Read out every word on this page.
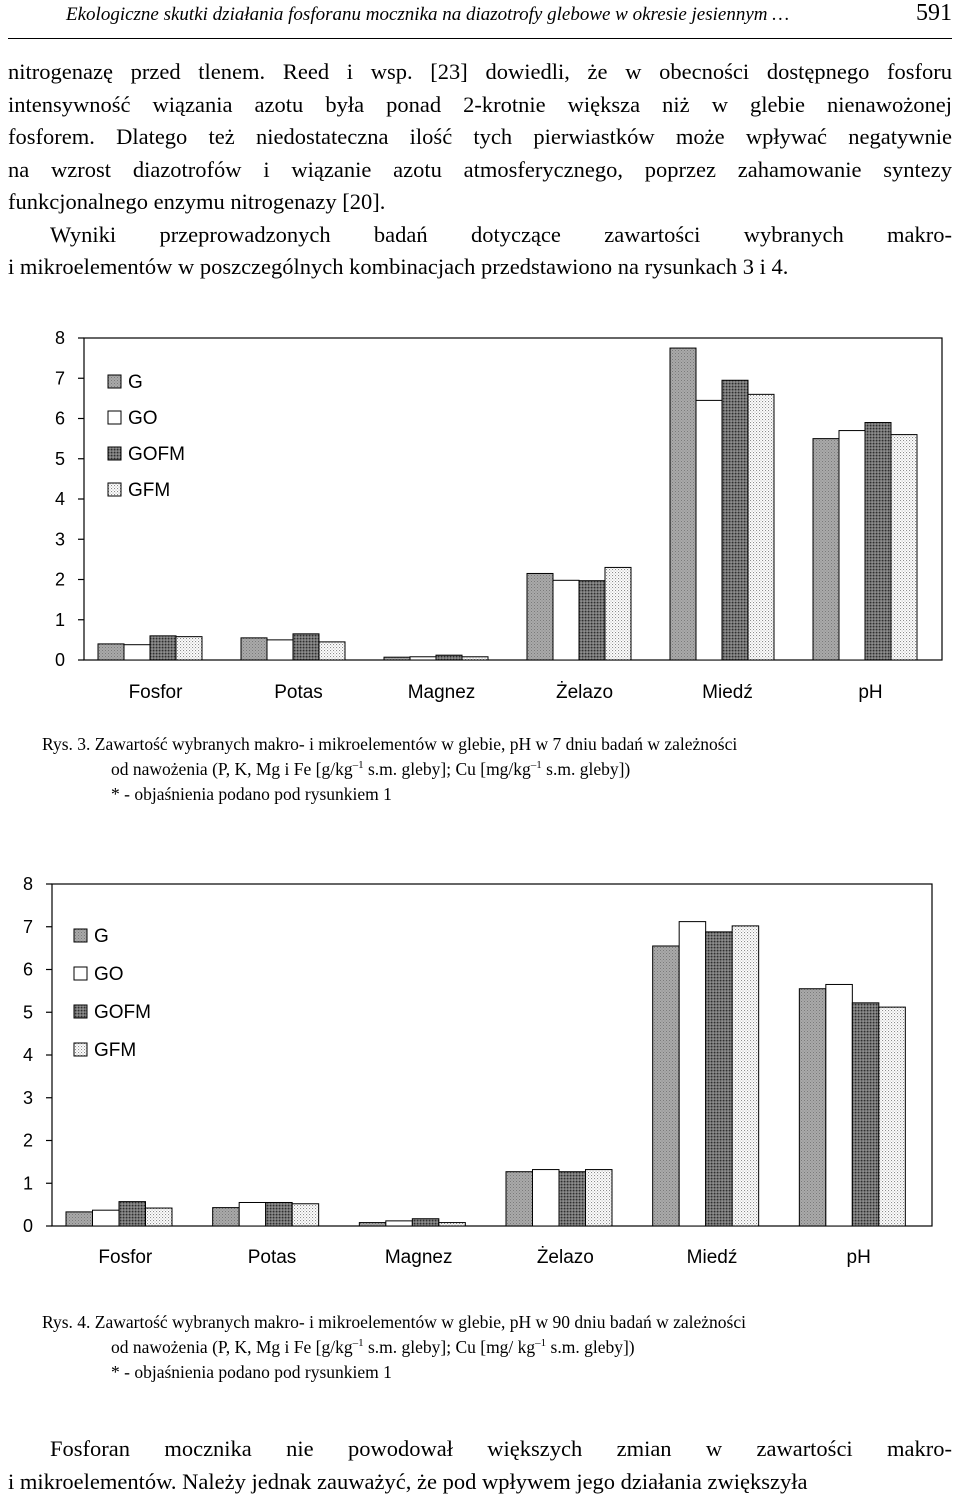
Ekologiczne skutki działania fosforanu mocznika na diazotrofy glebowe w okresie jesiennym …	591
nitrogenazę przed tlenem. Reed i wsp. [23] dowiedli, że w obecności dostępnego fosforu
intensywność wiązania azotu była ponad 2-krotnie większa niż w glebie nienawożonej
fosforem. Dlatego też niedostateczna ilość tych pierwiastków może wpływać negatywnie
na wzrost diazotrofów i wiązanie azotu atmosferycznego, poprzez zahamowanie syntezy
funkcjonalnego enzymu nitrogenazy [20].
Wyniki przeprowadzonych badań dotyczące zawartości wybranych makro-
i mikroelementów w poszczególnych kombinacjach przedstawiono na rysunkach 3 i 4.
0
1
2
3
4
5
6
7
8
Fosfor	Potas	Magnez	Żelazo	Miedź	pH
G
GO
GOFM
GFM
Rys. 3. Zawartość wybranych makro- i mikroelementów w glebie, pH w 7 dniu badań w zależności
od nawożenia (P, K, Mg i Fe [$g/kg^{-1}$ s.m. gleby]; Cu [$mg/kg^{-1}$ s.m. gleby])
* - objaśnienia podano pod rysunkiem 1
0
1
2
3
4
5
6
7
8
Fosfor	Potas	Magnez	Żelazo	Miedź	pH
G
GO
GOFM
GFM
Rys. 4. Zawartość wybranych makro- i mikroelementów w glebie, pH w 90 dniu badań w zależności
od nawożenia (P, K, Mg i Fe [$g/kg^{-1}$ s.m. gleby]; Cu [mg/ $kg^{-1}$ s.m. gleby])
* - objaśnienia podano pod rysunkiem 1
Fosforan mocznika nie powodował większych zmian w zawartości makro-
i mikroelementów. Należy jednak zauważyć, że pod wpływem jego działania zwiększyła
